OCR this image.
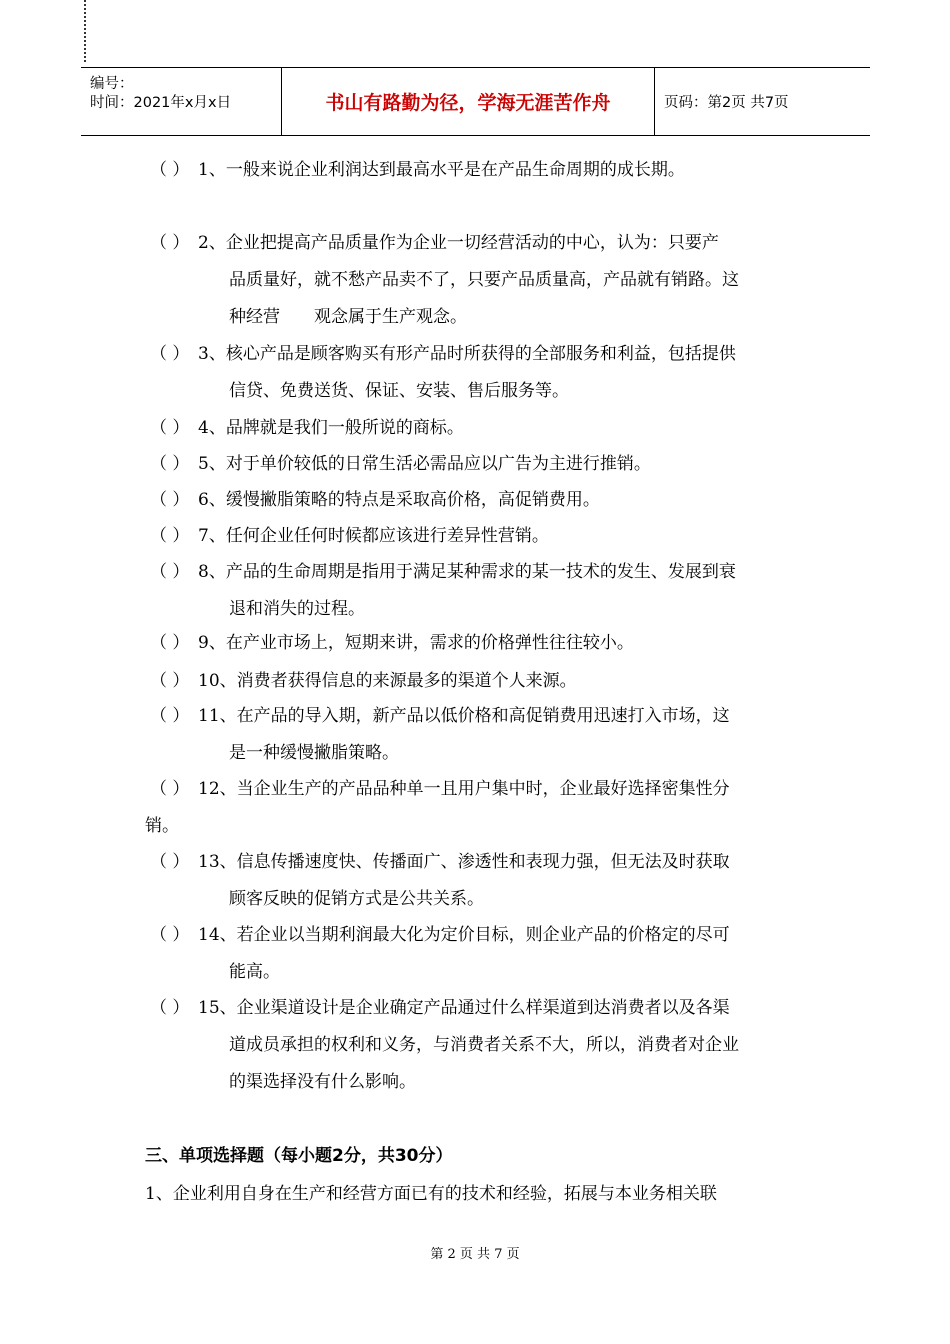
编号：
时间：2021年x月x日	书山有路勤为径，学海无涯苦作舟	页码：第2页 共7页
（ ） 1、一般来说企业利润达到最高水平是在产品生命周期的成长期。
（ ） 2、企业把提高产品质量作为企业一切经营活动的中心，认为：只要产
品质量好，就不愁产品卖不了，只要产品质量高，产品就有销路。这
种经营　　观念属于生产观念。
（ ） 3、核心产品是顾客购买有形产品时所获得的全部服务和利益，包括提供
信贷、免费送货、保证、安装、售后服务等。
（ ） 4、品牌就是我们一般所说的商标。
（ ） 5、对于单价较低的日常生活必需品应以广告为主进行推销。
（ ） 6、缓慢撇脂策略的特点是采取高价格，高促销费用。
（ ） 7、任何企业任何时候都应该进行差异性营销。
（ ） 8、产品的生命周期是指用于满足某种需求的某一技术的发生、发展到衰
退和消失的过程。
（ ） 9、在产业市场上，短期来讲，需求的价格弹性往往较小。
（ ） 10、消费者获得信息的来源最多的渠道个人来源。
（ ） 11、在产品的导入期，新产品以低价格和高促销费用迅速打入市场，这
是一种缓慢撇脂策略。
（ ） 12、当企业生产的产品品种单一且用户集中时，企业最好选择密集性分
销。
（ ） 13、信息传播速度快、传播面广、渗透性和表现力强，但无法及时获取
顾客反映的促销方式是公共关系。
（ ） 14、若企业以当期利润最大化为定价目标，则企业产品的价格定的尽可
能高。
（ ） 15、企业渠道设计是企业确定产品通过什么样渠道到达消费者以及各渠
道成员承担的权利和义务，与消费者关系不大，所以，消费者对企业
的渠选择没有什么影响。
三、单项选择题（每小题2分，共30分）
1、企业利用自身在生产和经营方面已有的技术和经验，拓展与本业务相关联
第 2 页 共 7 页
